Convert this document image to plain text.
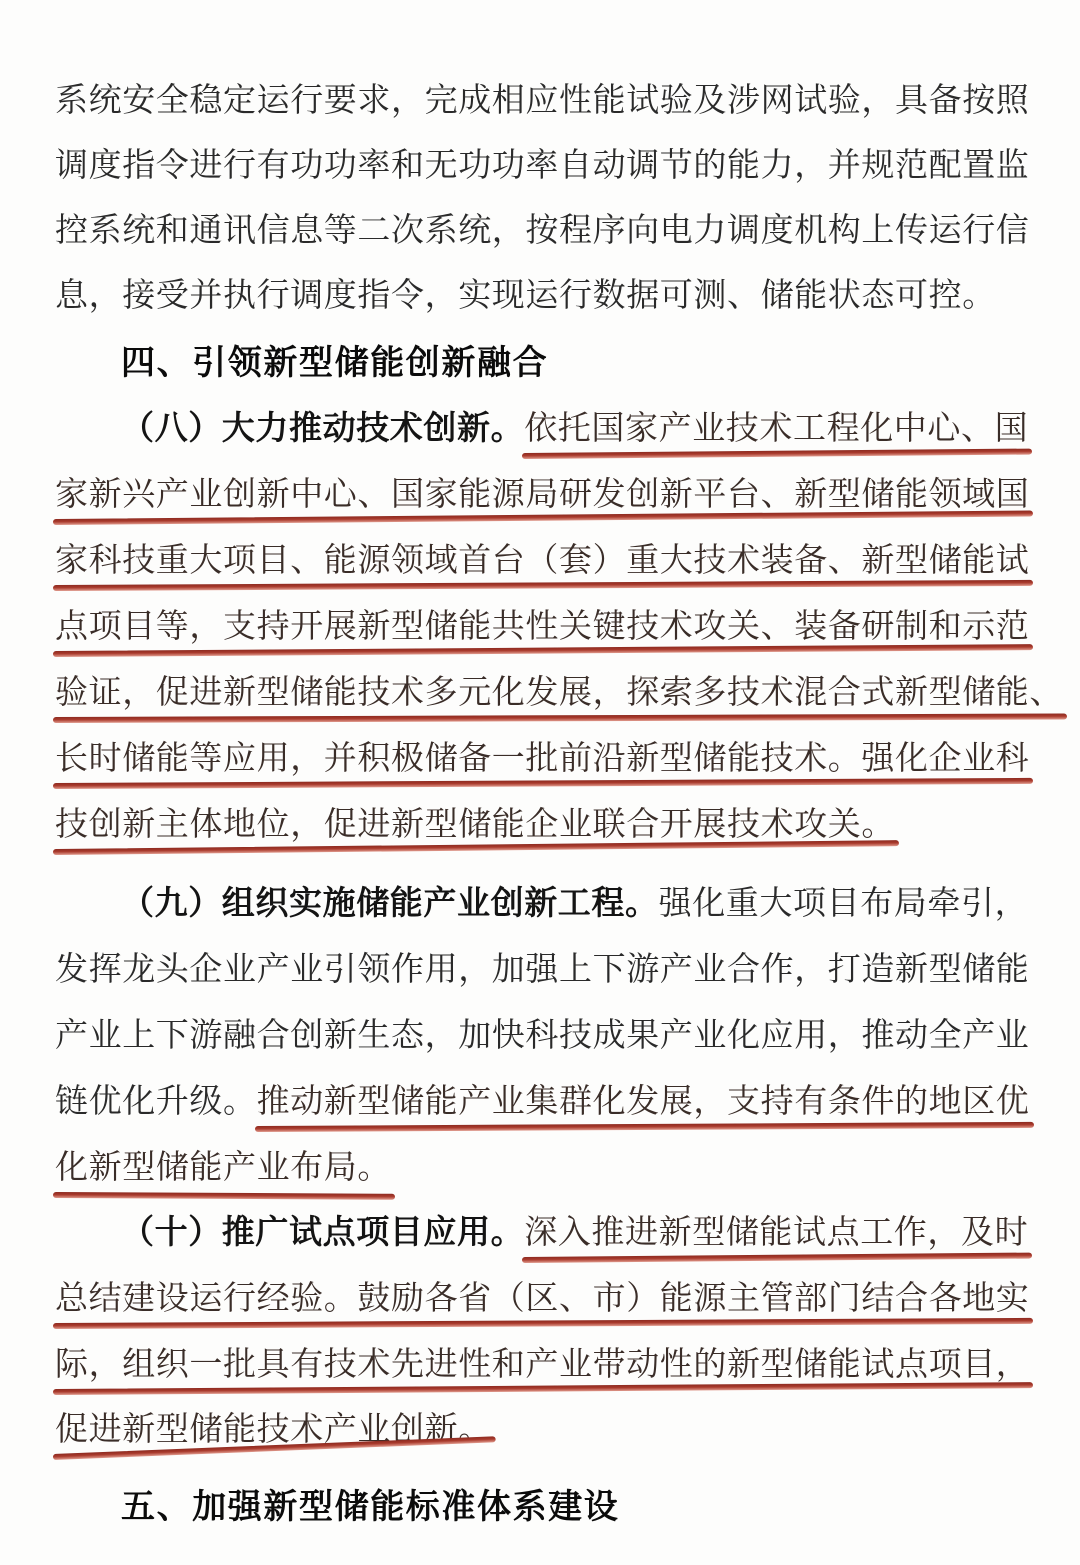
系统安全稳定运行要求，完成相应性能试验及涉网试验，具备按照
调度指令进行有功功率和无功功率自动调节的能力，并规范配置监
控系统和通讯信息等二次系统，按程序向电力调度机构上传运行信
息，接受并执行调度指令，实现运行数据可测、储能状态可控。
四、引领新型储能创新融合
（八）大力推动技术创新。依托国家产业技术工程化中心、国
家新兴产业创新中心、国家能源局研发创新平台、新型储能领域国
家科技重大项目、能源领域首台（套）重大技术装备、新型储能试
点项目等，支持开展新型储能共性关键技术攻关、装备研制和示范
验证，促进新型储能技术多元化发展，探索多技术混合式新型储能、
长时储能等应用，并积极储备一批前沿新型储能技术。强化企业科
技创新主体地位，促进新型储能企业联合开展技术攻关。
（九）组织实施储能产业创新工程。强化重大项目布局牵引，
发挥龙头企业产业引领作用，加强上下游产业合作，打造新型储能
产业上下游融合创新生态，加快科技成果产业化应用，推动全产业
链优化升级。推动新型储能产业集群化发展，支持有条件的地区优
化新型储能产业布局。
（十）推广试点项目应用。深入推进新型储能试点工作，及时
总结建设运行经验。鼓励各省（区、市）能源主管部门结合各地实
际，组织一批具有技术先进性和产业带动性的新型储能试点项目，
促进新型储能技术产业创新。
五、加强新型储能标准体系建设
